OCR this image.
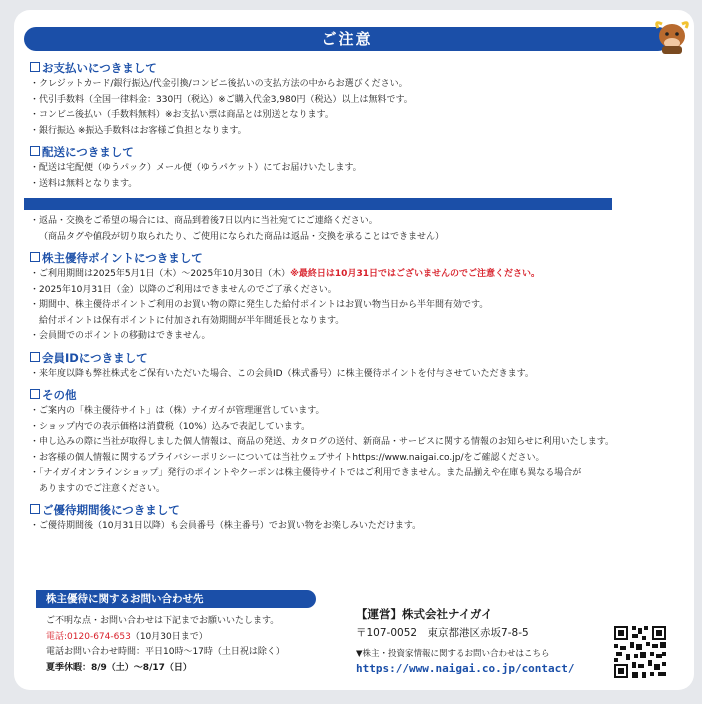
ご注意
お支払いにつきまして
・クレジットカード/銀行振込/代金引換/コンビニ後払いの支払方法の中からお選びください。
・代引手数料（全国一律料金：330円（税込）※ご購入代金3,980円（税込）以上は無料です。
・コンビニ後払い（手数料無料）※お支払い票は商品とは別送となります。
・銀行振込 ※振込手数料はお客様ご負担となります。
配送につきまして
・配送は宅配便（ゆうパック）メール便（ゆうパケット）にてお届けいたします。
・送料は無料となります。
・返品・交換をご希望の場合には、商品到着後7日以内に当社宛てにご連絡ください。
（商品タグや値段が切り取られたり、ご使用になられた商品は返品・交換を承ることはできません）
株主優待ポイントにつきまして
・ご利用期間は2025年5月1日（木）～2025年10月30日（木）※最終日は10月31日ではございませんのでご注意ください。
・2025年10月31日（金）以降のご利用はできませんのでご了承ください。
・期間中、株主優待ポイントご利用のお買い物の際に発生した給付ポイントはお買い物当日から半年間有効です。
給付ポイントは保有ポイントに付加され有効期間が半年間延長となります。
・会員間でのポイントの移動はできません。
会員IDにつきまして
・来年度以降も弊社株式をご保有いただいた場合、この会員ID（株式番号）に株主優待ポイントを付与させていただきます。
その他
・ご案内の「株主優待サイト」は（株）ナイガイが管理運営しています。
・ショップ内での表示価格は消費税（10%）込みで表記しています。
・申し込みの際に当社が取得しました個人情報は、商品の発送、カタログの送付、新商品・サービスに関する情報のお知らせに利用いたします。
・お客様の個人情報に関するプライバシーポリシーについては当社ウェブサイトhttps://www.naigai.co.jp/をご確認ください。
・「ナイガイオンラインショップ」発行のポイントやクーポンは株主優待サイトではご利用できません。また品揃えや在庫も異なる場合が
ありますのでご注意ください。
ご優待期間後につきまして
・ご優待期間後（10月31日以降）も会員番号（株主番号）でお買い物をお楽しみいただけます。
株主優待に関するお問い合わせ先
ご不明な点・お問い合わせは下記までお願いいたします。
電話:0120-674-653（10月30日まで）
電話お問い合わせ時間：平日10時～17時（土日祝は除く）
夏季休暇：8/9（土）～8/17（日）
【運営】株式会社ナイガイ
〒107-0052　東京都港区赤坂7-8-5
▼株主・投資家情報に関するお問い合わせはこちら
https://www.naigai.co.jp/contact/
